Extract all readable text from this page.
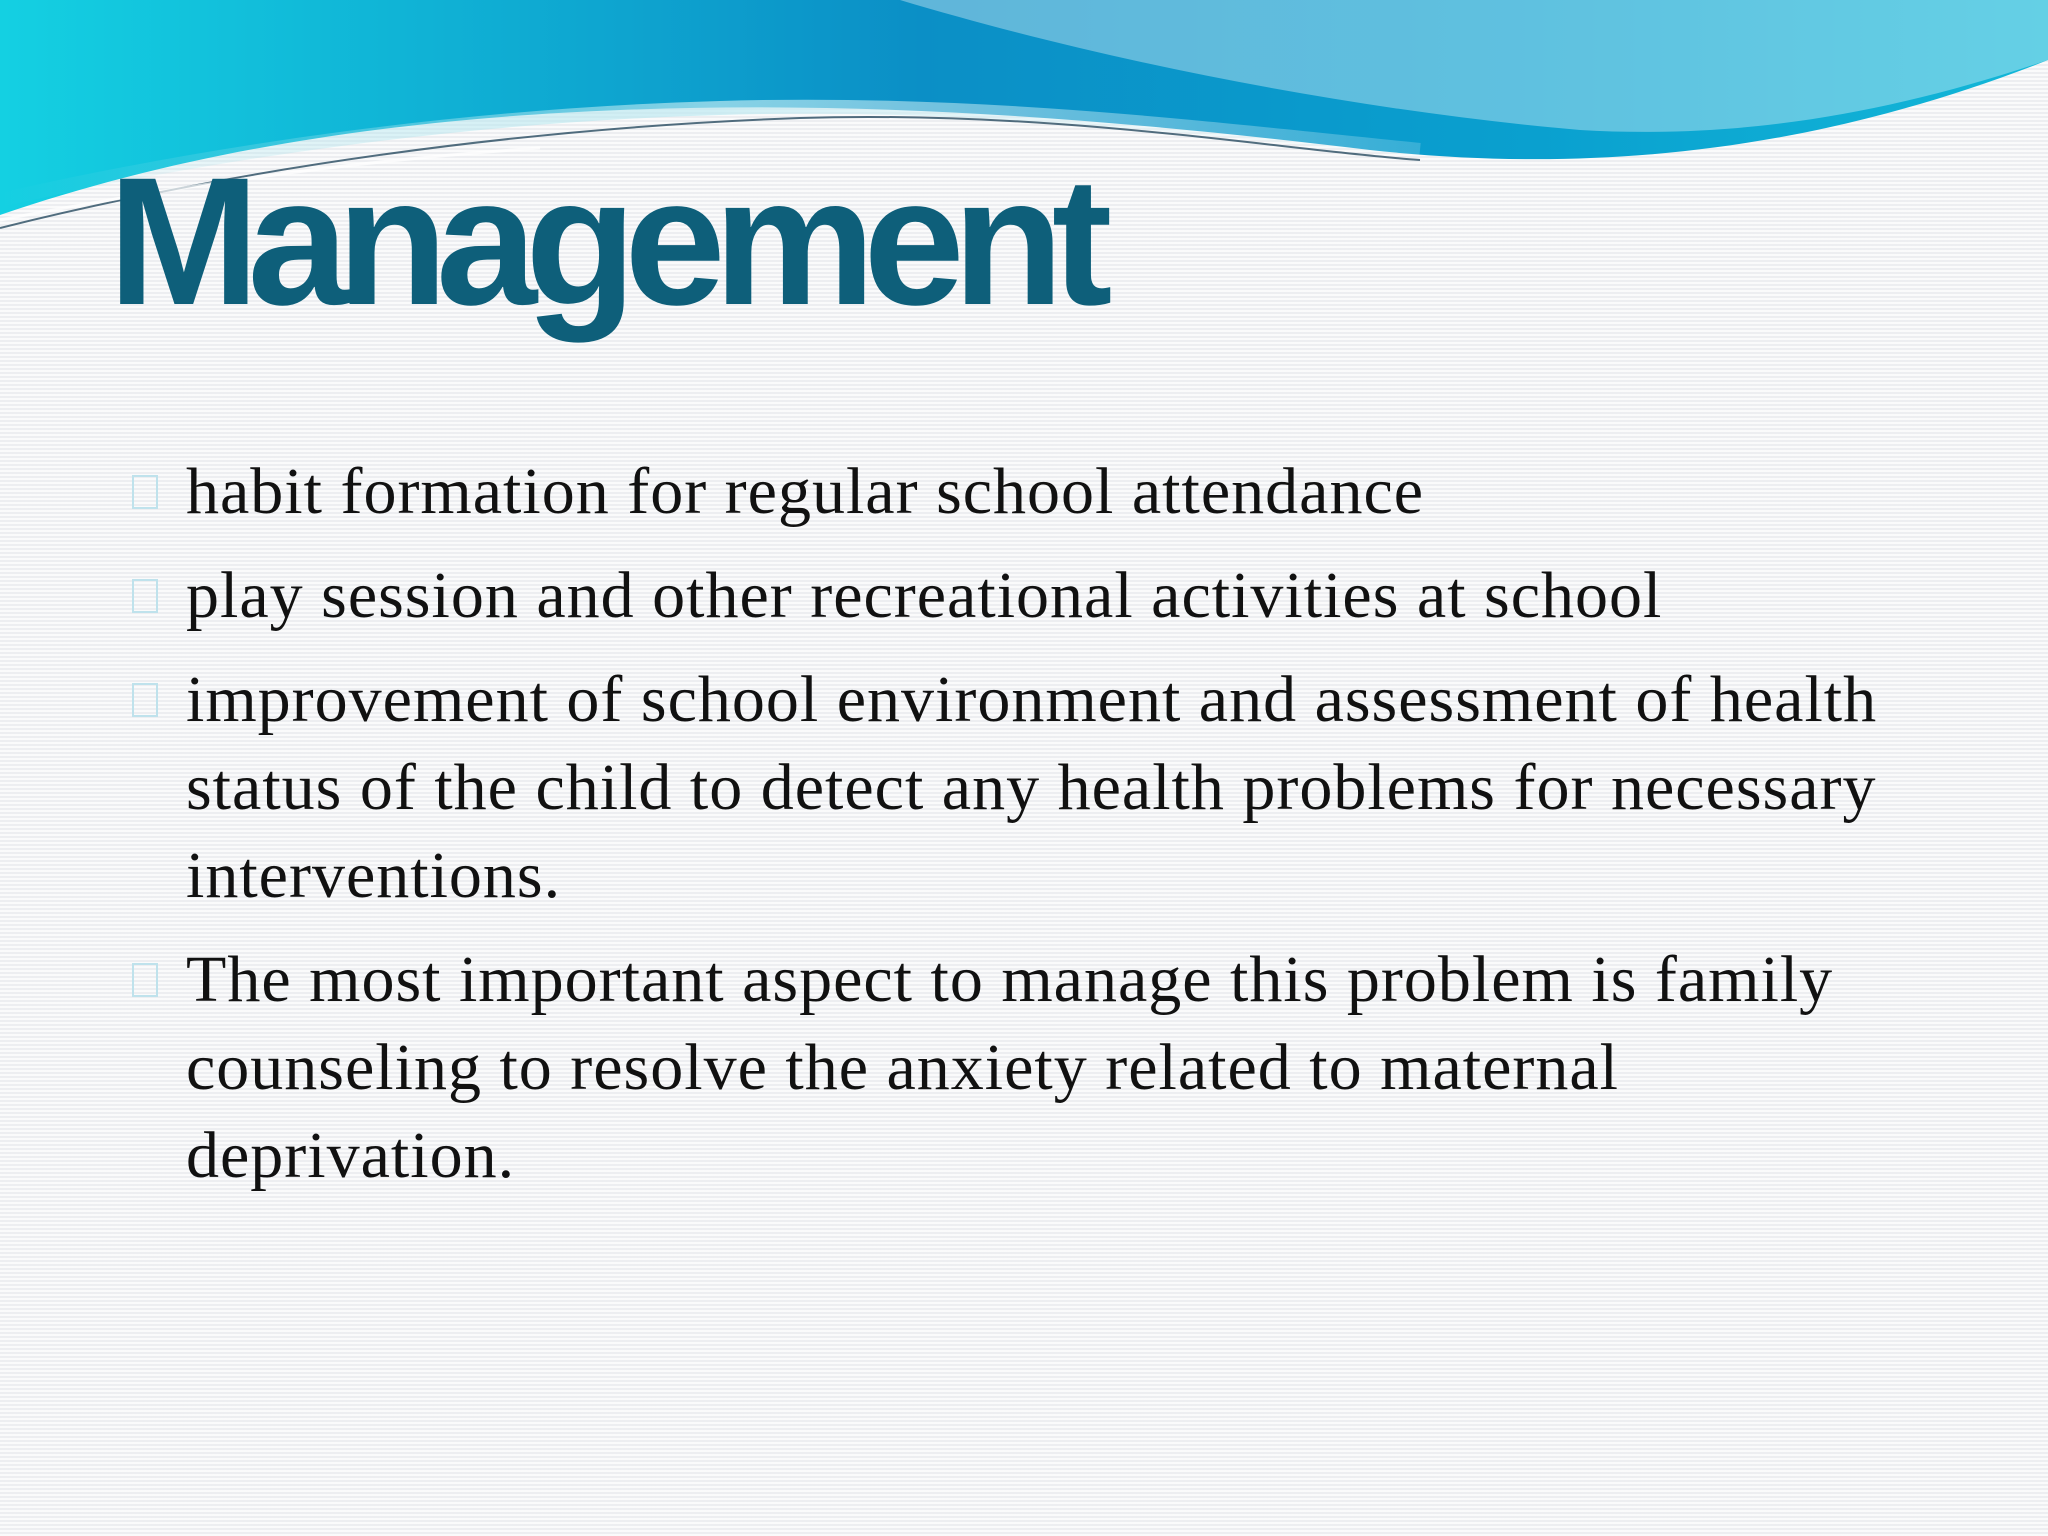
Management
habit formation for regular school attendance
play session and other recreational activities at school
improvement of school environment and assessment of health status of the child to detect any health problems for necessary interventions.
The most important aspect to manage this problem is family counseling to resolve the anxiety related to maternal deprivation.
